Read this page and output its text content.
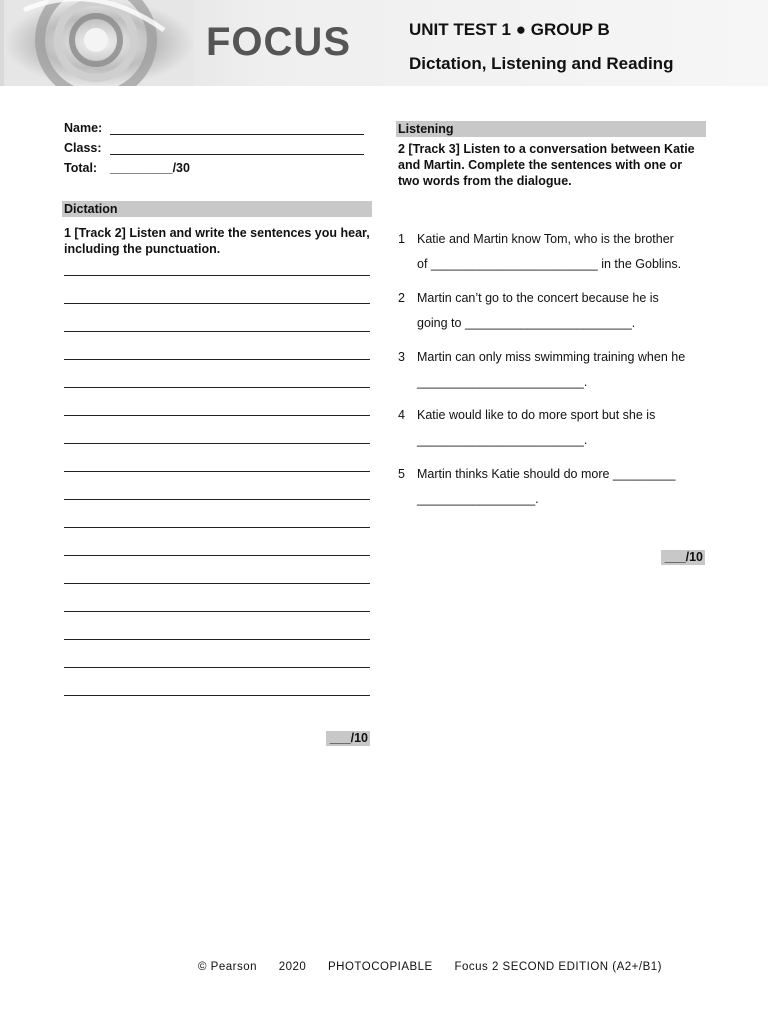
FOCUS	UNIT TEST 1 ● GROUP B
Dictation, Listening and Reading
Name:
Class:
Total: _________/30
Dictation
1 [Track 2] Listen and write the sentences you hear, including the punctuation.
___/10
Listening
2 [Track 3] Listen to a conversation between Katie and Martin. Complete the sentences with one or two words from the dialogue.
1 Katie and Martin know Tom, who is the brother
of ________________________ in the Goblins.
2 Martin can’t go to the concert because he is
going to ________________________.
3 Martin can only miss swimming training when he
________________________.
4 Katie would like to do more sport but she is
________________________.
5 Martin thinks Katie should do more _________
_________________.
___/10
© Pearson 2020 PHOTOCOPIABLE Focus 2 SECOND EDITION (A2+/B1)
